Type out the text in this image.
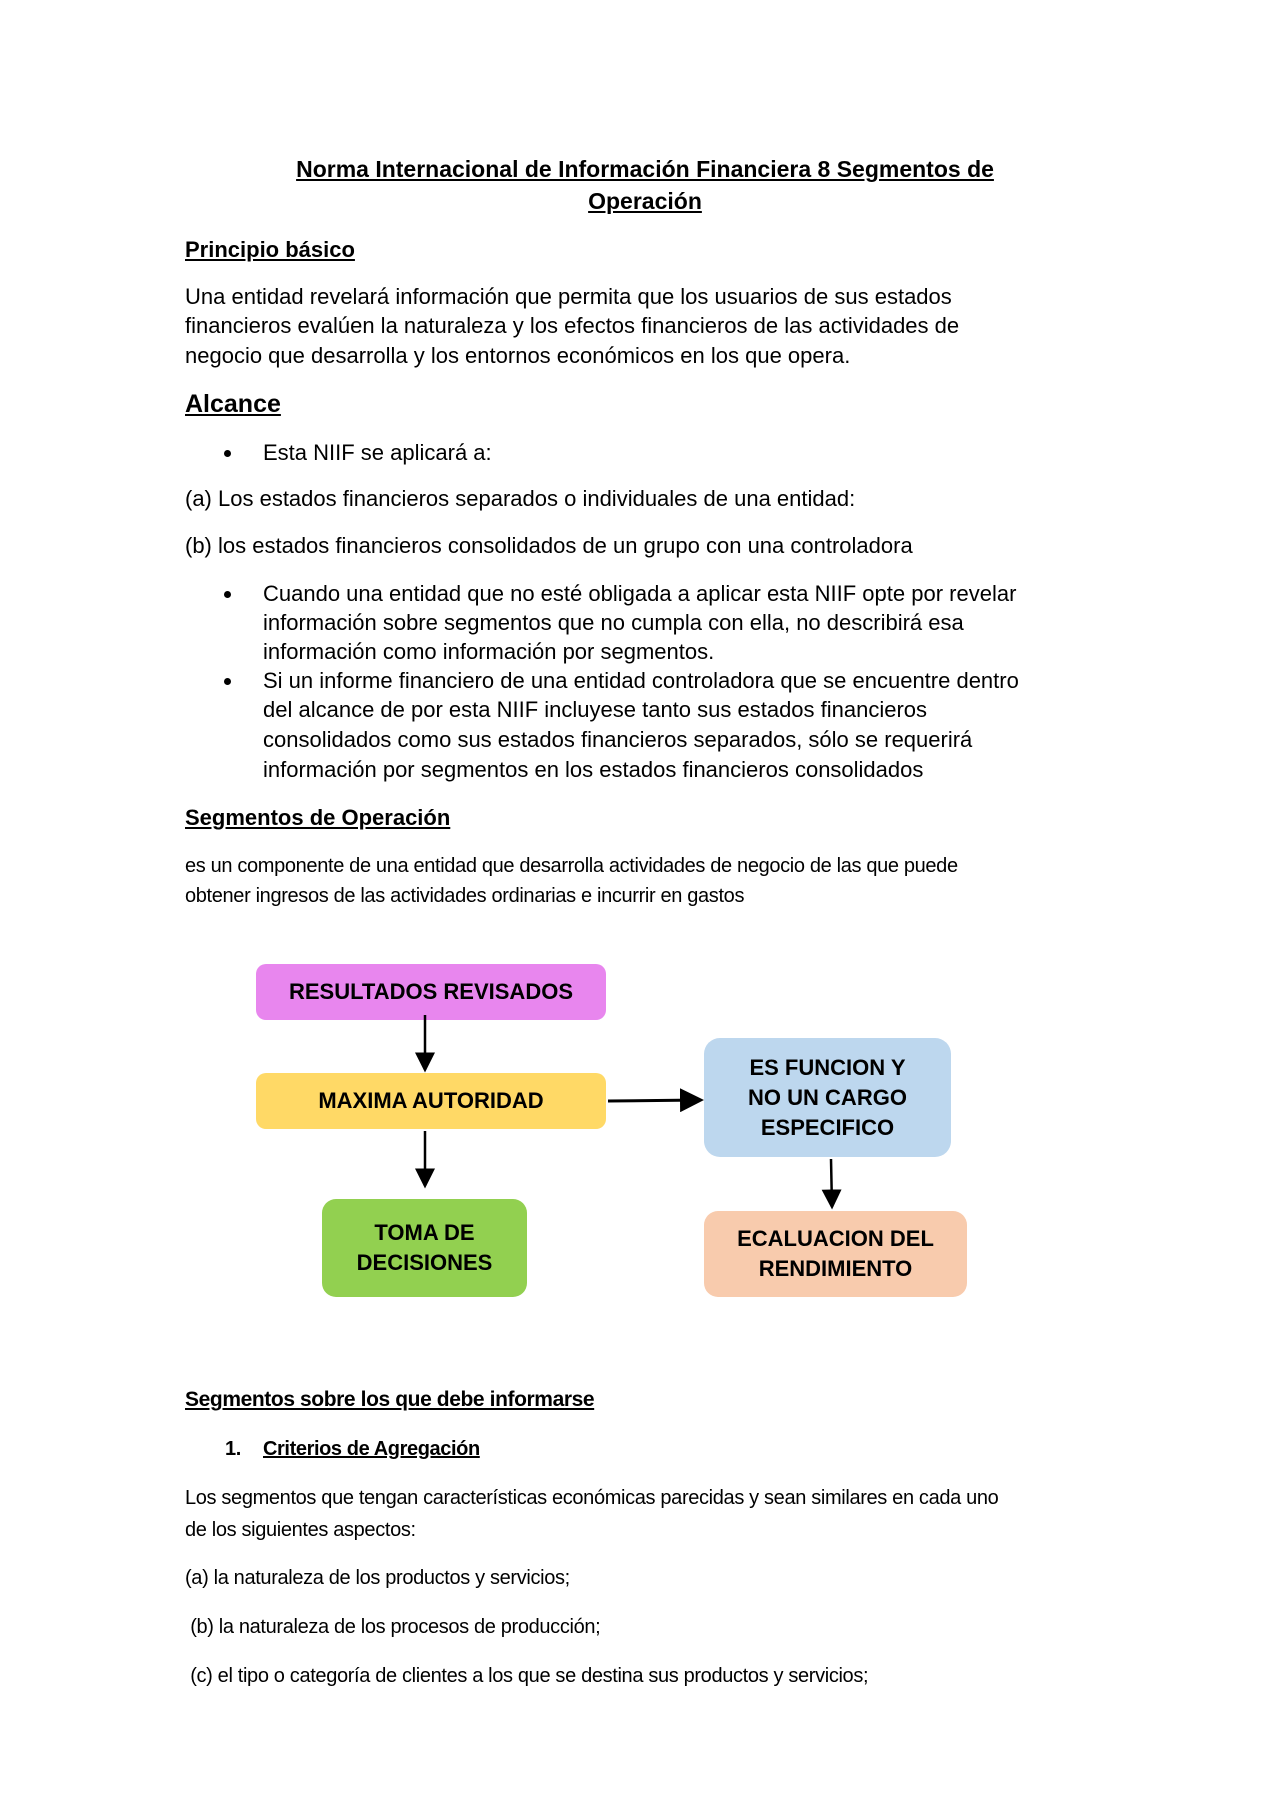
Norma Internacional de Información Financiera 8 Segmentos de
Operación
Principio básico
Una entidad revelará información que permita que los usuarios de sus estados
financieros evalúen la naturaleza y los efectos financieros de las actividades de
negocio que desarrolla y los entornos económicos en los que opera.
Alcance
Esta NIIF se aplicará a:
(a) Los estados financieros separados o individuales de una entidad:
(b) los estados financieros consolidados de un grupo con una controladora
Cuando una entidad que no esté obligada a aplicar esta NIIF opte por revelar
información sobre segmentos que no cumpla con ella, no describirá esa
información como información por segmentos.
Si un informe financiero de una entidad controladora que se encuentre dentro
del alcance de por esta NIIF incluyese tanto sus estados financieros
consolidados como sus estados financieros separados, sólo se requerirá
información por segmentos en los estados financieros consolidados
Segmentos de Operación
es un componente de una entidad que desarrolla actividades de negocio de las que puede
obtener ingresos de las actividades ordinarias e incurrir en gastos
RESULTADOS REVISADOS
MAXIMA AUTORIDAD
ES FUNCION Y
NO UN CARGO
ESPECIFICO
TOMA DE
DECISIONES
ECALUACION DEL
RENDIMIENTO
Segmentos sobre los que debe informarse
1. Criterios de Agregación
Los segmentos que tengan características económicas parecidas y sean similares en cada uno
de los siguientes aspectos:
(a) la naturaleza de los productos y servicios;
(b) la naturaleza de los procesos de producción;
(c) el tipo o categoría de clientes a los que se destina sus productos y servicios;
